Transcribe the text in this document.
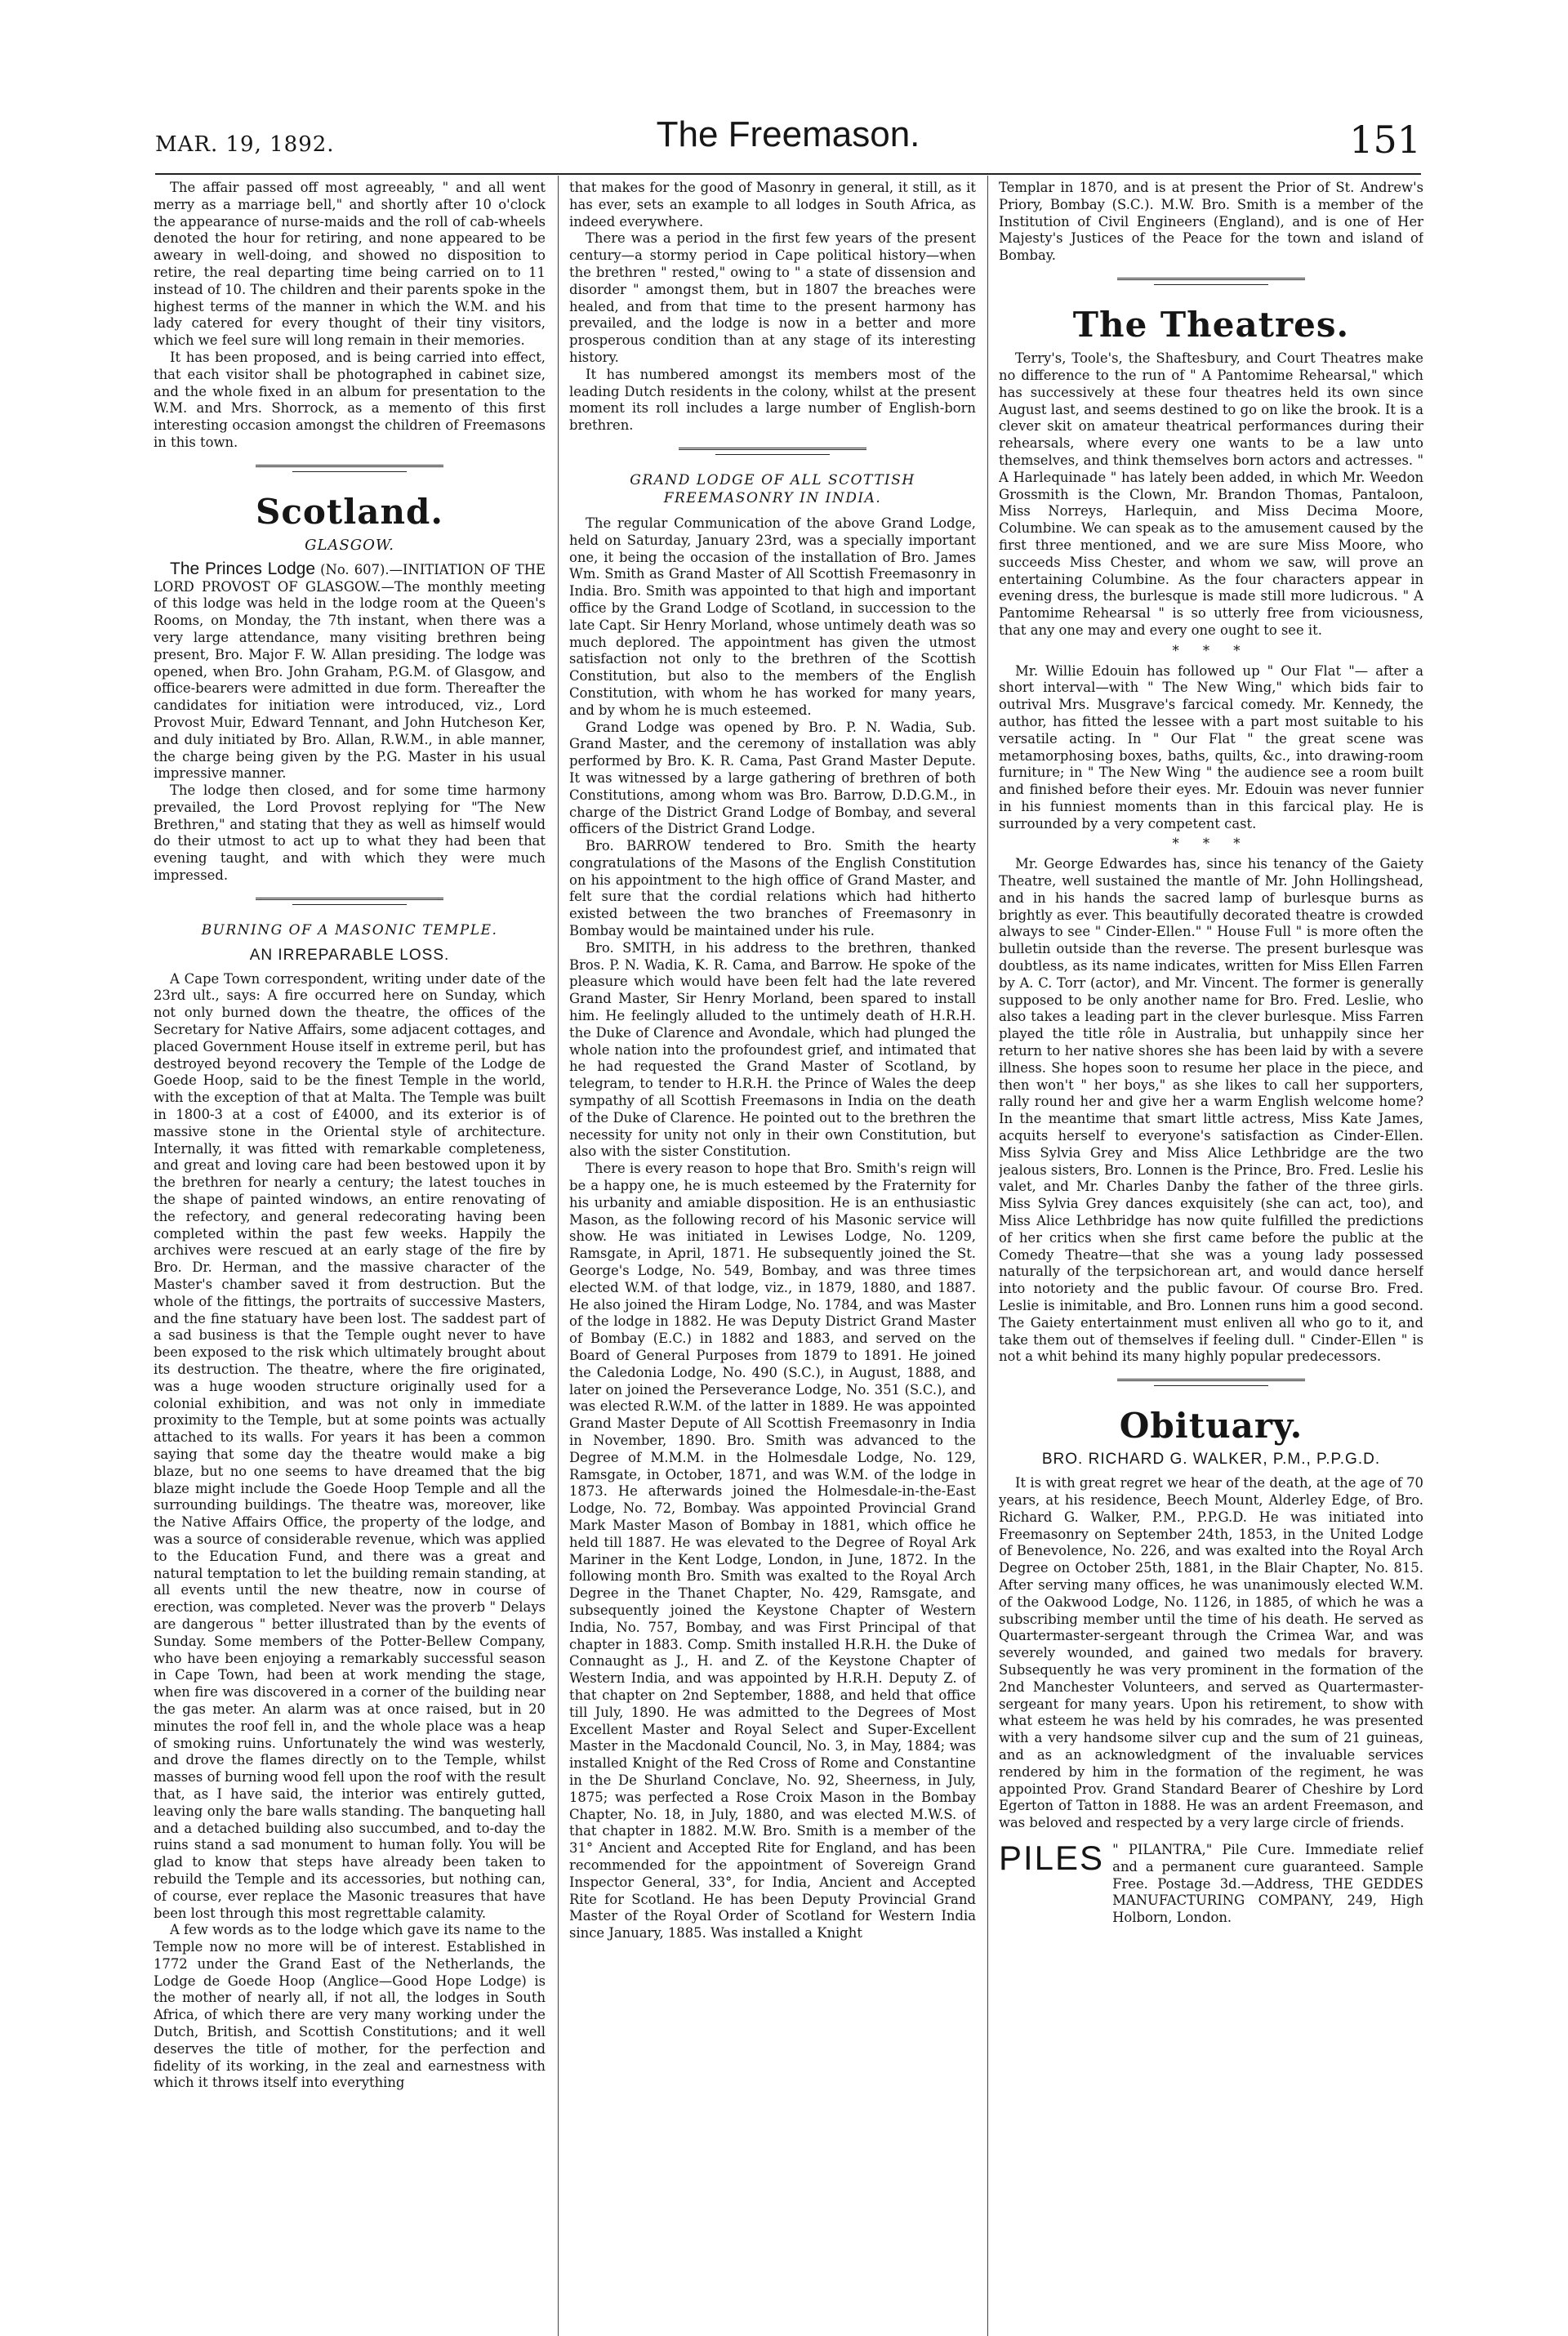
MAR. 19, 1892.	The Freemason.	151

The affair passed off most agreeably, " and all went merry as a marriage bell," and shortly after 10 o'clock the appearance of nurse-maids and the roll of cab-wheels denoted the hour for retiring, and none appeared to be aweary in well-doing, and showed no disposition to retire, the real departing time being carried on to 11 instead of 10. The children and their parents spoke in the highest terms of the manner in which the W.M. and his lady catered for every thought of their tiny visitors, which we feel sure will long remain in their memories.

It has been proposed, and is being carried into effect, that each visitor shall be photographed in cabinet size, and the whole fixed in an album for presentation to the W.M. and Mrs. Shorrock, as a memento of this first interesting occasion amongst the children of Freemasons in this town.

Scotland.
GLASGOW.

The Princes Lodge (No. 607).—INITIATION OF THE LORD PROVOST OF GLASGOW.—The monthly meeting of this lodge was held in the lodge room at the Queen's Rooms, on Monday, the 7th instant, when there was a very large attendance, many visiting brethren being present, Bro. Major F. W. Allan presiding. The lodge was opened, when Bro. John Graham, P.G.M. of Glasgow, and office-bearers were admitted in due form. Thereafter the candidates for initiation were introduced, viz., Lord Provost Muir, Edward Tennant, and John Hutcheson Ker, and duly initiated by Bro. Allan, R.W.M., in able manner, the charge being given by the P.G. Master in his usual impressive manner.

The lodge then closed, and for some time harmony prevailed, the Lord Provost replying for "The New Brethren," and stating that they as well as himself would do their utmost to act up to what they had been that evening taught, and with which they were much impressed.

BURNING OF A MASONIC TEMPLE.
AN IRREPARABLE LOSS.

A Cape Town correspondent, writing under date of the 23rd ult., says: A fire occurred here on Sunday, which not only burned down the theatre, the offices of the Secretary for Native Affairs, some adjacent cottages, and placed Government House itself in extreme peril, but has destroyed beyond recovery the Temple of the Lodge de Goede Hoop, said to be the finest Temple in the world, with the exception of that at Malta. The Temple was built in 1800-3 at a cost of £4000, and its exterior is of massive stone in the Oriental style of architecture. Internally, it was fitted with remarkable completeness, and great and loving care had been bestowed upon it by the brethren for nearly a century; the latest touches in the shape of painted windows, an entire renovating of the refectory, and general redecorating having been completed within the past few weeks. Happily the archives were rescued at an early stage of the fire by Bro. Dr. Herman, and the massive character of the Master's chamber saved it from destruction. But the whole of the fittings, the portraits of successive Masters, and the fine statuary have been lost. The saddest part of a sad business is that the Temple ought never to have been exposed to the risk which ultimately brought about its destruction. The theatre, where the fire originated, was a huge wooden structure originally used for a colonial exhibition, and was not only in immediate proximity to the Temple, but at some points was actually attached to its walls. For years it has been a common saying that some day the theatre would make a big blaze, but no one seems to have dreamed that the big blaze might include the Goede Hoop Temple and all the surrounding buildings. The theatre was, moreover, like the Native Affairs Office, the property of the lodge, and was a source of considerable revenue, which was applied to the Education Fund, and there was a great and natural temptation to let the building remain standing, at all events until the new theatre, now in course of erection, was completed. Never was the proverb " Delays are dangerous " better illustrated than by the events of Sunday. Some members of the Potter-Bellew Company, who have been enjoying a remarkably successful season in Cape Town, had been at work mending the stage, when fire was discovered in a corner of the building near the gas meter. An alarm was at once raised, but in 20 minutes the roof fell in, and the whole place was a heap of smoking ruins. Unfortunately the wind was westerly, and drove the flames directly on to the Temple, whilst masses of burning wood fell upon the roof with the result that, as I have said, the interior was entirely gutted, leaving only the bare walls standing. The banqueting hall and a detached building also succumbed, and to-day the ruins stand a sad monument to human folly. You will be glad to know that steps have already been taken to rebuild the Temple and its accessories, but nothing can, of course, ever replace the Masonic treasures that have been lost through this most regrettable calamity.

A few words as to the lodge which gave its name to the Temple now no more will be of interest. Established in 1772 under the Grand East of the Netherlands, the Lodge de Goede Hoop (Anglice—Good Hope Lodge) is the mother of nearly all, if not all, the lodges in South Africa, of which there are very many working under the Dutch, British, and Scottish Constitutions; and it well deserves the title of mother, for the perfection and fidelity of its working, in the zeal and earnestness with which it throws itself into everything

that makes for the good of Masonry in general, it still, as it has ever, sets an example to all lodges in South Africa, as indeed everywhere.

There was a period in the first few years of the present century—a stormy period in Cape political history—when the brethren " rested," owing to " a state of dissension and disorder " amongst them, but in 1807 the breaches were healed, and from that time to the present harmony has prevailed, and the lodge is now in a better and more prosperous condition than at any stage of its interesting history.

It has numbered amongst its members most of the leading Dutch residents in the colony, whilst at the present moment its roll includes a large number of English-born brethren.

GRAND LODGE OF ALL SCOTTISH FREEMASONRY IN INDIA.

The regular Communication of the above Grand Lodge, held on Saturday, January 23rd, was a specially important one, it being the occasion of the installation of Bro. James Wm. Smith as Grand Master of All Scottish Freemasonry in India. Bro. Smith was appointed to that high and important office by the Grand Lodge of Scotland, in succession to the late Capt. Sir Henry Morland, whose untimely death was so much deplored. The appointment has given the utmost satisfaction not only to the brethren of the Scottish Constitution, but also to the members of the English Constitution, with whom he has worked for many years, and by whom he is much esteemed.

Grand Lodge was opened by Bro. P. N. Wadia, Sub. Grand Master, and the ceremony of installation was ably performed by Bro. K. R. Cama, Past Grand Master Depute. It was witnessed by a large gathering of brethren of both Constitutions, among whom was Bro. Barrow, D.D.G.M., in charge of the District Grand Lodge of Bombay, and several officers of the District Grand Lodge.

Bro. BARROW tendered to Bro. Smith the hearty congratulations of the Masons of the English Constitution on his appointment to the high office of Grand Master, and felt sure that the cordial relations which had hitherto existed between the two branches of Freemasonry in Bombay would be maintained under his rule.

Bro. SMITH, in his address to the brethren, thanked Bros. P. N. Wadia, K. R. Cama, and Barrow. He spoke of the pleasure which would have been felt had the late revered Grand Master, Sir Henry Morland, been spared to install him. He feelingly alluded to the untimely death of H.R.H. the Duke of Clarence and Avondale, which had plunged the whole nation into the profoundest grief, and intimated that he had requested the Grand Master of Scotland, by telegram, to tender to H.R.H. the Prince of Wales the deep sympathy of all Scottish Freemasons in India on the death of the Duke of Clarence. He pointed out to the brethren the necessity for unity not only in their own Constitution, but also with the sister Constitution.

There is every reason to hope that Bro. Smith's reign will be a happy one, he is much esteemed by the Fraternity for his urbanity and amiable disposition. He is an enthusiastic Mason, as the following record of his Masonic service will show. He was initiated in Lewises Lodge, No. 1209, Ramsgate, in April, 1871. He subsequently joined the St. George's Lodge, No. 549, Bombay, and was three times elected W.M. of that lodge, viz., in 1879, 1880, and 1887. He also joined the Hiram Lodge, No. 1784, and was Master of the lodge in 1882. He was Deputy District Grand Master of Bombay (E.C.) in 1882 and 1883, and served on the Board of General Purposes from 1879 to 1891. He joined the Caledonia Lodge, No. 490 (S.C.), in August, 1888, and later on joined the Perseverance Lodge, No. 351 (S.C.), and was elected R.W.M. of the latter in 1889. He was appointed Grand Master Depute of All Scottish Freemasonry in India in November, 1890. Bro. Smith was advanced to the Degree of M.M.M. in the Holmesdale Lodge, No. 129, Ramsgate, in October, 1871, and was W.M. of the lodge in 1873. He afterwards joined the Holmesdale-in-the-East Lodge, No. 72, Bombay. Was appointed Provincial Grand Mark Master Mason of Bombay in 1881, which office he held till 1887. He was elevated to the Degree of Royal Ark Mariner in the Kent Lodge, London, in June, 1872. In the following month Bro. Smith was exalted to the Royal Arch Degree in the Thanet Chapter, No. 429, Ramsgate, and subsequently joined the Keystone Chapter of Western India, No. 757, Bombay, and was First Principal of that chapter in 1883. Comp. Smith installed H.R.H. the Duke of Connaught as J., H. and Z. of the Keystone Chapter of Western India, and was appointed by H.R.H. Deputy Z. of that chapter on 2nd September, 1888, and held that office till July, 1890. He was admitted to the Degrees of Most Excellent Master and Royal Select and Super-Excellent Master in the Macdonald Council, No. 3, in May, 1884; was installed Knight of the Red Cross of Rome and Constantine in the De Shurland Conclave, No. 92, Sheerness, in July, 1875; was perfected a Rose Croix Mason in the Bombay Chapter, No. 18, in July, 1880, and was elected M.W.S. of that chapter in 1882. M.W. Bro. Smith is a member of the 31° Ancient and Accepted Rite for England, and has been recommended for the appointment of Sovereign Grand Inspector General, 33°, for India, Ancient and Accepted Rite for Scotland. He has been Deputy Provincial Grand Master of the Royal Order of Scotland for Western India since January, 1885. Was installed a Knight

Templar in 1870, and is at present the Prior of St. Andrew's Priory, Bombay (S.C.). M.W. Bro. Smith is a member of the Institution of Civil Engineers (England), and is one of Her Majesty's Justices of the Peace for the town and island of Bombay.

The Theatres.

Terry's, Toole's, the Shaftesbury, and Court Theatres make no difference to the run of " A Pantomime Rehearsal," which has successively at these four theatres held its own since August last, and seems destined to go on like the brook. It is a clever skit on amateur theatrical performances during their rehearsals, where every one wants to be a law unto themselves, and think themselves born actors and actresses. " A Harlequinade " has lately been added, in which Mr. Weedon Grossmith is the Clown, Mr. Brandon Thomas, Pantaloon, Miss Norreys, Harlequin, and Miss Decima Moore, Columbine. We can speak as to the amusement caused by the first three mentioned, and we are sure Miss Moore, who succeeds Miss Chester, and whom we saw, will prove an entertaining Columbine. As the four characters appear in evening dress, the burlesque is made still more ludicrous. " A Pantomime Rehearsal " is so utterly free from viciousness, that any one may and every one ought to see it.

* * *

Mr. Willie Edouin has followed up " Our Flat "— after a short interval—with " The New Wing," which bids fair to outrival Mrs. Musgrave's farcical comedy. Mr. Kennedy, the author, has fitted the lessee with a part most suitable to his versatile acting. In " Our Flat " the great scene was metamorphosing boxes, baths, quilts, &c., into drawing-room furniture; in " The New Wing " the audience see a room built and finished before their eyes. Mr. Edouin was never funnier in his funniest moments than in this farcical play. He is surrounded by a very competent cast.

* * *

Mr. George Edwardes has, since his tenancy of the Gaiety Theatre, well sustained the mantle of Mr. John Hollingshead, and in his hands the sacred lamp of burlesque burns as brightly as ever. This beautifully decorated theatre is crowded always to see " Cinder-Ellen." " House Full " is more often the bulletin outside than the reverse. The present burlesque was doubtless, as its name indicates, written for Miss Ellen Farren by A. C. Torr (actor), and Mr. Vincent. The former is generally supposed to be only another name for Bro. Fred. Leslie, who also takes a leading part in the clever burlesque. Miss Farren played the title rôle in Australia, but unhappily since her return to her native shores she has been laid by with a severe illness. She hopes soon to resume her place in the piece, and then won't " her boys," as she likes to call her supporters, rally round her and give her a warm English welcome home? In the meantime that smart little actress, Miss Kate James, acquits herself to everyone's satisfaction as Cinder-Ellen. Miss Sylvia Grey and Miss Alice Lethbridge are the two jealous sisters, Bro. Lonnen is the Prince, Bro. Fred. Leslie his valet, and Mr. Charles Danby the father of the three girls. Miss Sylvia Grey dances exquisitely (she can act, too), and Miss Alice Lethbridge has now quite fulfilled the predictions of her critics when she first came before the public at the Comedy Theatre—that she was a young lady possessed naturally of the terpsichorean art, and would dance herself into notoriety and the public favour. Of course Bro. Fred. Leslie is inimitable, and Bro. Lonnen runs him a good second. The Gaiety entertainment must enliven all who go to it, and take them out of themselves if feeling dull. " Cinder-Ellen " is not a whit behind its many highly popular predecessors.

Obituary.
BRO. RICHARD G. WALKER, P.M., P.P.G.D.

It is with great regret we hear of the death, at the age of 70 years, at his residence, Beech Mount, Alderley Edge, of Bro. Richard G. Walker, P.M., P.P.G.D. He was initiated into Freemasonry on September 24th, 1853, in the United Lodge of Benevolence, No. 226, and was exalted into the Royal Arch Degree on October 25th, 1881, in the Blair Chapter, No. 815. After serving many offices, he was unanimously elected W.M. of the Oakwood Lodge, No. 1126, in 1885, of which he was a subscribing member until the time of his death. He served as Quartermaster-sergeant through the Crimea War, and was severely wounded, and gained two medals for bravery. Subsequently he was very prominent in the formation of the 2nd Manchester Volunteers, and served as Quartermaster-sergeant for many years. Upon his retirement, to show with what esteem he was held by his comrades, he was presented with a very handsome silver cup and the sum of 21 guineas, and as an acknowledgment of the invaluable services rendered by him in the formation of the regiment, he was appointed Prov. Grand Standard Bearer of Cheshire by Lord Egerton of Tatton in 1888. He was an ardent Freemason, and was beloved and respected by a very large circle of friends.

PILES " PILANTRA," Pile Cure. Immediate relief and a permanent cure guaranteed. Sample Free. Postage 3d.—Address, THE GEDDES MANUFACTURING COMPANY, 249, High Holborn, London.
